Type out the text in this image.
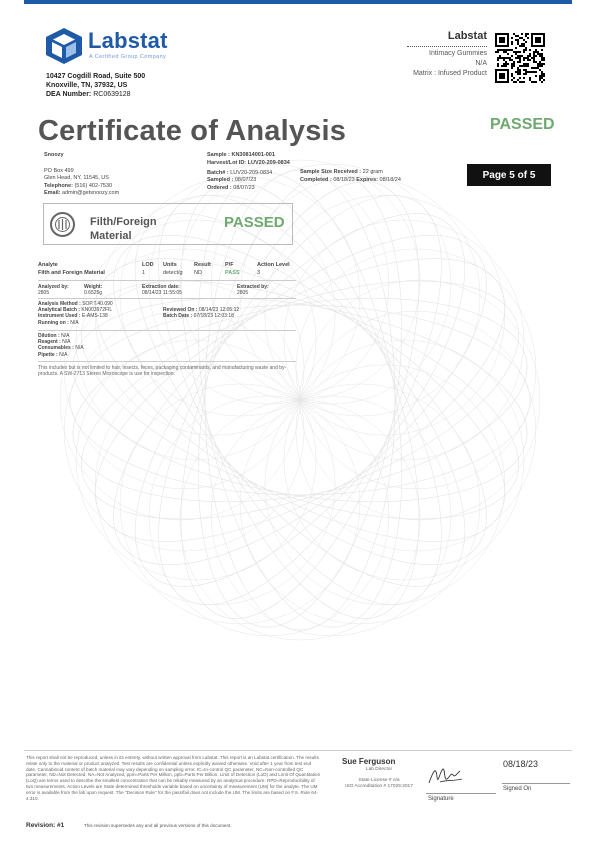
Labstat
A Certified Group Company
10427 Cogdill Road, Suite 500
Knoxville, TN, 37932, US
DEA Number: RC0639128
Labstat
Intimacy Gummies
N/A
Matrix : Infused Product
Certificate of Analysis	PASSED
Snoozy
PO Box 499
Glen Head, NY, 11545, US
Telephone: (516) 402-7530
Email: admin@getsnoozy.com
Sample : KN30814001-001
Harvest/Lot ID: LUV20-209-0834
Batch# : LUV20-209-0834
Sampled : 08/07/23
Ordered : 08/07/23
Sample Size Received : 22 gram
Completed : 08/18/23 Expires: 08/18/24	Page 5 of 5
Filth/Foreign Material
PASSED
Analyte	LOD Units	Result	P/F	Action Level
Filth and Foreign Material	1	detect/g ND	PASS	3
Analyzed by:
2805
Weight:
0.6525g
Extraction date:
08/14/23 11:55:05
Extracted by:
2805
Analysis Method : SOP.T.40.090
Analytical Batch : KN003972FIL
Instrument Used : E-AMS-138
Running on : N/A
Reviewed On : 08/14/23 12:05:12
Batch Date : 07/18/23 12:03:18
Dilution : N/A
Reagent : N/A
Consumables : N/A
Pipette : N/A
This includes but is not limited to hair, insects, feces, packaging contaminants, and manufacturing waste and by-products. A SW-2713 Stereo Microscope is use for inspection.
This report shall not be reproduced, unless in its entirety, without written approval from Labstat. This report is an Labstat certification. The results relate only to the material or product analyzed. Test results are confidential unless explicitly waived otherwise. Void after 1 year from test end date. Cannabinoid content of batch material may vary depending on sampling error. IC=In-control QC parameter, NC=Non-controlled QC parameter, ND=Not Detected, NA=Not Analyzed, ppm=Parts Per Million, ppb=Parts Per Billion. Limit of Detection (LoD) and Limit Of Quantitation (LoQ) are terms used to describe the smallest concentration that can be reliably measured by an analytical procedure. RPD=Reproducibility of two measurements. Action Levels are State determined thresholds variable based on uncertainty of measurement (UM) for the analyte. The UM error is available from the lab upon request. The "Decision Rule" for the pass/fail does not include the UM. The limits are based on F.S. Rule 64-4.310.
Sue Ferguson
Lab Director
State License # n/a
ISO Accreditation # 17025:2017
Signature
08/18/23
Signed On
Revision: #1	This revision supersedes any and all previous versions of this document.
